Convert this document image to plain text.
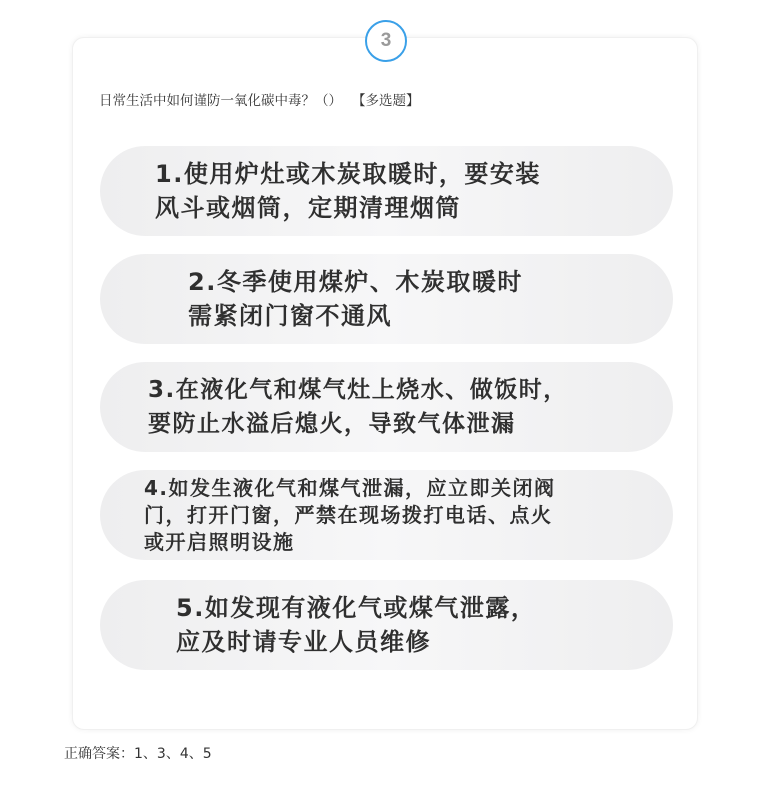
3
日常生活中如何谨防一氧化碳中毒？（） 【多选题】
1.使用炉灶或木炭取暖时，要安装
风斗或烟筒，定期清理烟筒
2.冬季使用煤炉、木炭取暖时
需紧闭门窗不通风
3.在液化气和煤气灶上烧水、做饭时，
要防止水溢后熄火，导致气体泄漏
4.如发生液化气和煤气泄漏，应立即关闭阀
门，打开门窗，严禁在现场拨打电话、点火
或开启照明设施
5.如发现有液化气或煤气泄露，
应及时请专业人员维修
正确答案：1、3、4、5
